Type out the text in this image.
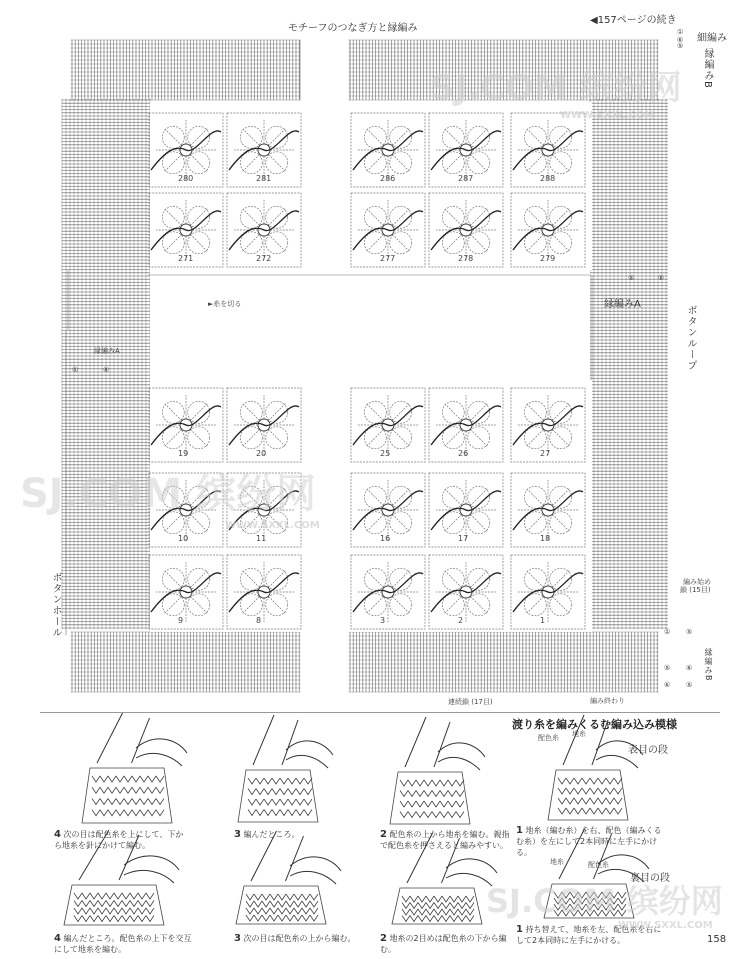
モチーフのつなぎ方と縁編み
◀157ページの続き
細編み
縁編みB
縁編みA
縁編みA	ボタンループ
ボタンホール
►糸を切る
編み始め
鎖 (15目)
縁編みB
連続鎖 (17目)	編み終わり
①
⑥
⑤
⑥
⑤
①	⑥
⑤
⑥
⑤
①
⑤
⑥
280	281	286	287	288
271	272	277	278	279
19	20	25	26	27
10	11	16	17	18
9	8	3	2	1
渡り糸を編みくるむ編み込み模様
配色糸 地糸
表目の段
地糸	配色糸
裏目の段
4 次の目は配色糸を上にして、下から地糸を針にかけて編む。
3 編んだところ。	2 配色糸の上から地糸を編む。親指で配色糸を押さえると編みやすい。
1 地糸（編む糸）を右、配色（編みくるむ糸）を左にして2本同時に左手にかける。
4 編んだところ。配色糸の上下を交互にして地糸を編む。
3 次の目は配色糸の上から編む。	2 地糸の2目めは配色糸の下から編む。
1 持ち替えて、地糸を左、配色糸を右にして2本同時に左手にかける。	158
SJ.COM 缤纷网
WWW.SXXL.COM
SJ.COM 缤纷网
WWW.SXXL.COM
SJ.COM 缤纷网
WWW.SXXL.COM
